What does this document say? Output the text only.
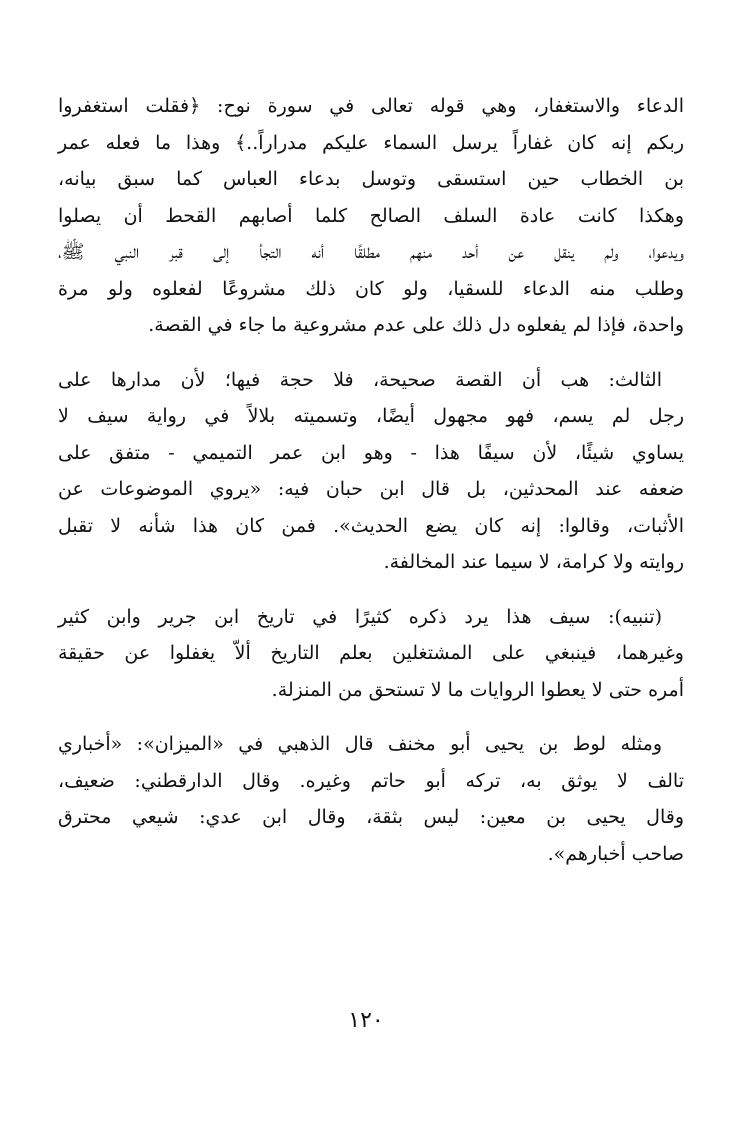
الدعاء والاستغفار، وهي قوله تعالى في سورة نوح: ﴿فقلت استغفروا
ربكم إنه كان غفاراً يرسل السماء عليكم مدراراً..﴾ وهذا ما فعله عمر
بن الخطاب حين استسقى وتوسل بدعاء العباس كما سبق بيانه،
وهكذا كانت عادة السلف الصالح كلما أصابهم القحط أن يصلوا
ويدعوا، ولم ينقل عن أحد منهم مطلقًا أنه التجأ إلى قبر النبي ﷺ،
وطلب منه الدعاء للسقيا، ولو كان ذلك مشروعًا لفعلوه ولو مرة
واحدة، فإذا لم يفعلوه دل ذلك على عدم مشروعية ما جاء في القصة.

الثالث: هب أن القصة صحيحة، فلا حجة فيها؛ لأن مدارها على
رجل لم يسم، فهو مجهول أيضًا، وتسميته بلالاً في رواية سيف لا
يساوي شيئًا، لأن سيفًا هذا - وهو ابن عمر التميمي - متفق على
ضعفه عند المحدثين، بل قال ابن حبان فيه: «يروي الموضوعات عن
الأثبات، وقالوا: إنه كان يضع الحديث». فمن كان هذا شأنه لا تقبل
روايته ولا كرامة، لا سيما عند المخالفة.

(تنبيه): سيف هذا يرد ذكره كثيرًا في تاريخ ابن جرير وابن كثير
وغيرهما، فينبغي على المشتغلين بعلم التاريخ ألاّ يغفلوا عن حقيقة
أمره حتى لا يعطوا الروايات ما لا تستحق من المنزلة.

ومثله لوط بن يحيى أبو مخنف قال الذهبي في «الميزان»: «أخباري
تالف لا يوثق به، تركه أبو حاتم وغيره. وقال الدارقطني: ضعيف،
وقال يحيى بن معين: ليس بثقة، وقال ابن عدي: شيعي محترق
صاحب أخبارهم».

١٢٠
